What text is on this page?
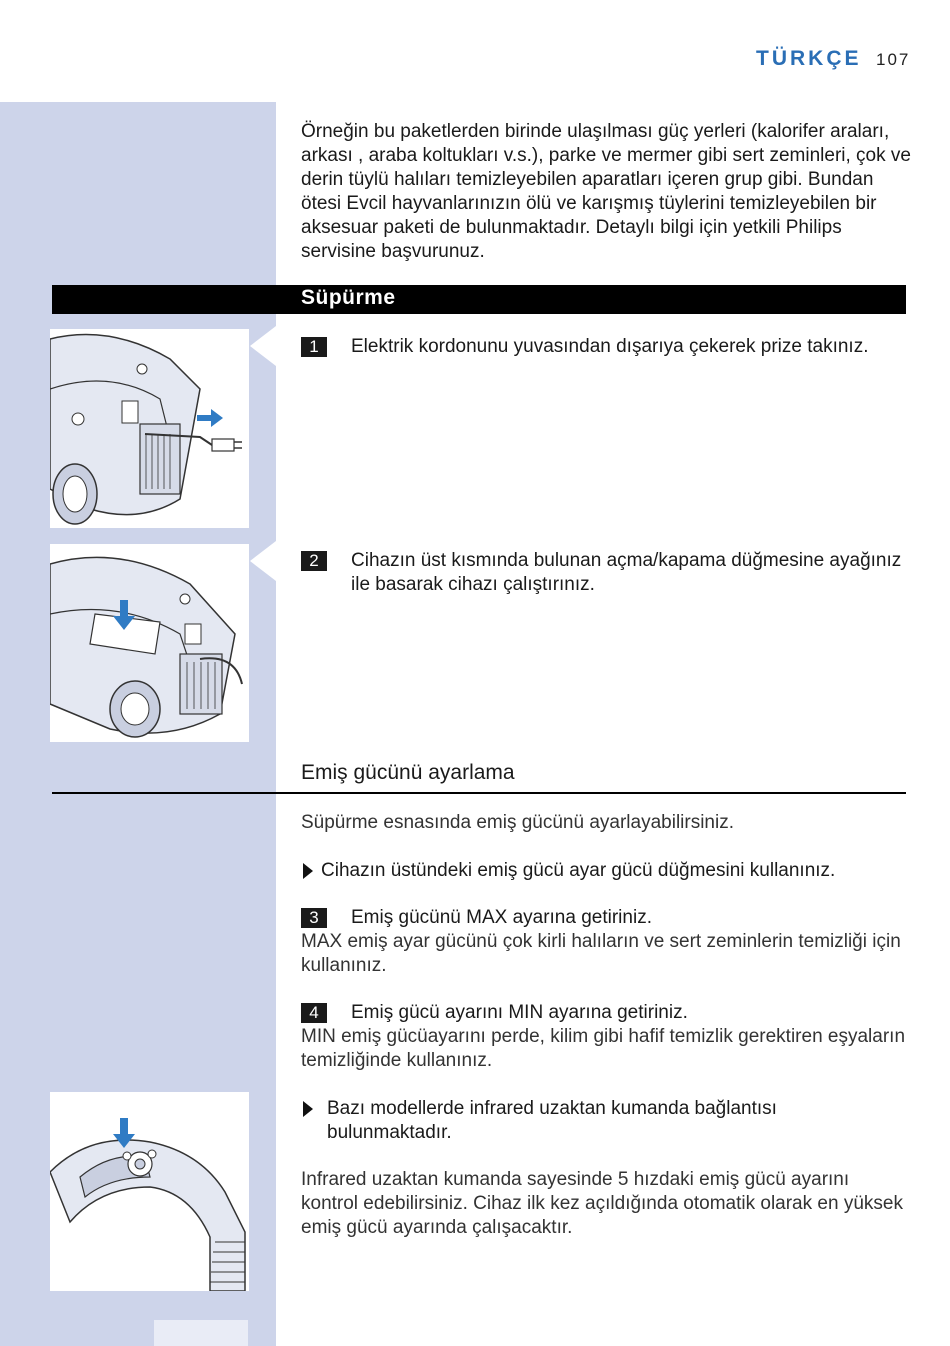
TÜRKÇE 107
Örneğin bu paketlerden birinde ulaşılması güç yerleri (kalorifer araları, arkası , araba koltukları v.s.), parke ve mermer gibi sert zeminleri, çok ve derin tüylü halıları temizleyebilen aparatları içeren grup gibi. Bundan ötesi Evcil hayvanlarınızın ölü ve karışmış tüylerini temizleyebilen bir aksesuar paketi de bulunmaktadır. Detaylı bilgi için yetkili Philips servisine başvurunuz.
Süpürme
1	Elektrik kordonunu yuvasından dışarıya çekerek prize takınız.
2	Cihazın üst kısmında bulunan açma/kapama düğmesine ayağınız ile basarak cihazı çalıştırınız.
Emiş gücünü ayarlama
Süpürme esnasında emiş gücünü ayarlayabilirsiniz.
Cihazın üstündeki emiş gücü ayar gücü düğmesini kullanınız.
3	Emiş gücünü MAX ayarına getiriniz.
MAX emiş ayar gücünü çok kirli halıların ve sert zeminlerin temizliği için kullanınız.
4	Emiş gücü ayarını MIN ayarına getiriniz.
MIN emiş gücüayarını perde, kilim gibi hafif temizlik gerektiren eşyaların temizliğinde kullanınız.
Bazı modellerde infrared uzaktan kumanda bağlantısı bulunmaktadır.
Infrared uzaktan kumanda sayesinde 5 hızdaki emiş gücü ayarını kontrol edebilirsiniz. Cihaz ilk kez açıldığında otomatik olarak en yüksek emiş gücü ayarında çalışacaktır.
